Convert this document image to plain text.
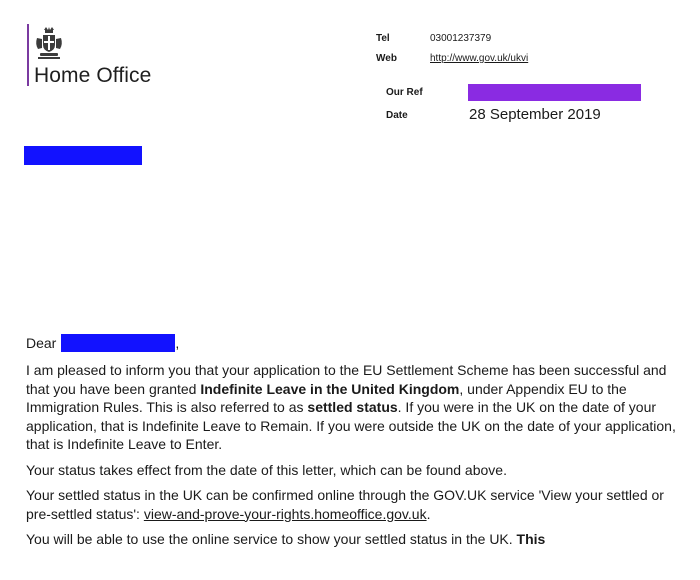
Home Office
Tel	03001237379
Web	http://www.gov.uk/ukvi
Our Ref
Date	28 September 2019
Dear	,

I am pleased to inform you that your application to the EU Settlement Scheme has been successful and that you have been granted Indefinite Leave in the United Kingdom, under Appendix EU to the Immigration Rules. This is also referred to as settled status. If you were in the UK on the date of your application, that is Indefinite Leave to Remain. If you were outside the UK on the date of your application, that is Indefinite Leave to Enter.

Your status takes effect from the date of this letter, which can be found above.

Your settled status in the UK can be confirmed online through the GOV.UK service 'View your settled or pre-settled status': view-and-prove-your-rights.homeoffice.gov.uk.

You will be able to use the online service to show your settled status in the UK. This
